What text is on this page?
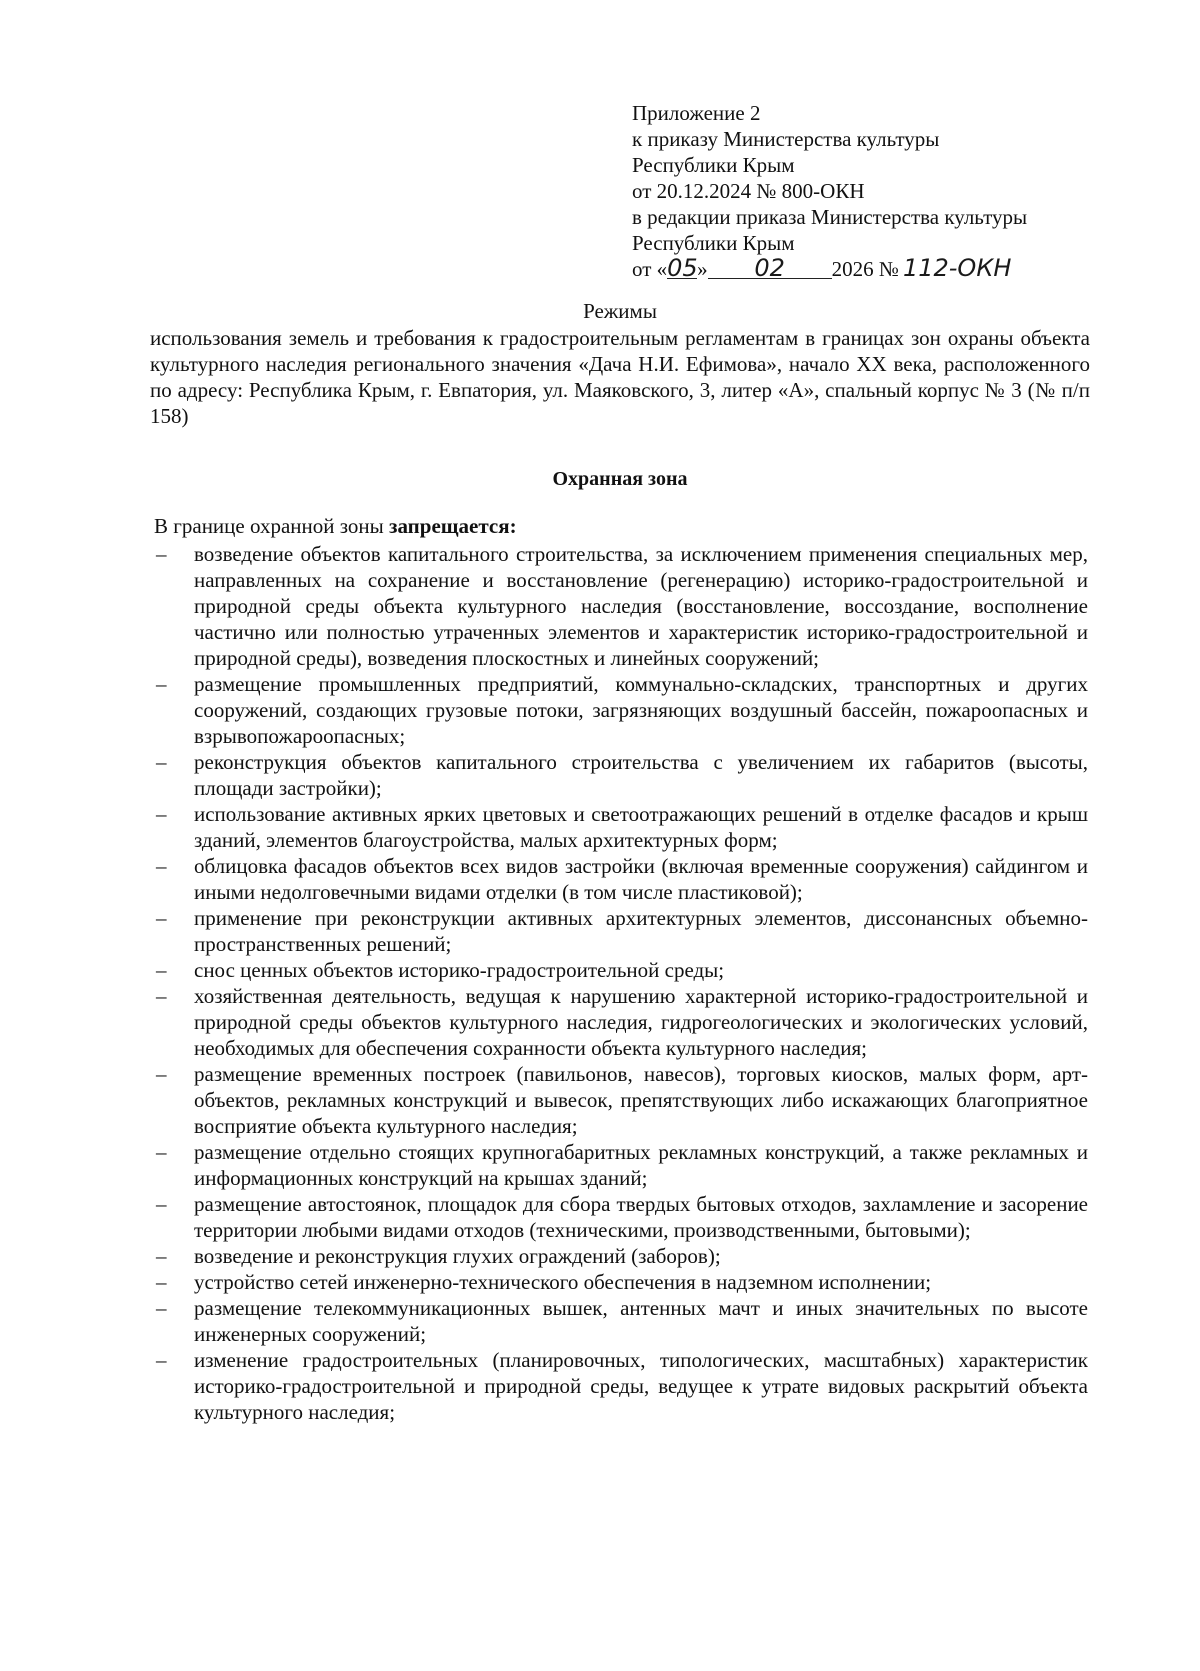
Приложение 2
к приказу Министерства культуры
Республики Крым
от 20.12.2024 № 800-ОКН
в редакции приказа Министерства культуры
Республики Крым
от «05» 02 2026 № 112-ОКН
Режимы
использования земель и требования к градостроительным регламентам в границах зон охраны объекта культурного наследия регионального значения «Дача Н.И. Ефимова», начало XX века, расположенного по адресу: Республика Крым, г. Евпатория, ул. Маяковского, 3, литер «А», спальный корпус № 3 (№ п/п 158)
Охранная зона
В границе охранной зоны запрещается:
– возведение объектов капитального строительства, за исключением применения специальных мер, направленных на сохранение и восстановление (регенерацию) историко-градостроительной и природной среды объекта культурного наследия (восстановление, воссоздание, восполнение частично или полностью утраченных элементов и характеристик историко-градостроительной и природной среды), возведения плоскостных и линейных сооружений;
– размещение промышленных предприятий, коммунально-складских, транспортных и других сооружений, создающих грузовые потоки, загрязняющих воздушный бассейн, пожароопасных и взрывопожароопасных;
– реконструкция объектов капитального строительства с увеличением их габаритов (высоты, площади застройки);
– использование активных ярких цветовых и светоотражающих решений в отделке фасадов и крыш зданий, элементов благоустройства, малых архитектурных форм;
– облицовка фасадов объектов всех видов застройки (включая временные сооружения) сайдингом и иными недолговечными видами отделки (в том числе пластиковой);
– применение при реконструкции активных архитектурных элементов, диссонансных объемно-пространственных решений;
– снос ценных объектов историко-градостроительной среды;
– хозяйственная деятельность, ведущая к нарушению характерной историко-градостроительной и природной среды объектов культурного наследия, гидрогеологических и экологических условий, необходимых для обеспечения сохранности объекта культурного наследия;
– размещение временных построек (павильонов, навесов), торговых киосков, малых форм, арт-объектов, рекламных конструкций и вывесок, препятствующих либо искажающих благоприятное восприятие объекта культурного наследия;
– размещение отдельно стоящих крупногабаритных рекламных конструкций, а также рекламных и информационных конструкций на крышах зданий;
– размещение автостоянок, площадок для сбора твердых бытовых отходов, захламление и засорение территории любыми видами отходов (техническими, производственными, бытовыми);
– возведение и реконструкция глухих ограждений (заборов);
– устройство сетей инженерно-технического обеспечения в надземном исполнении;
– размещение телекоммуникационных вышек, антенных мачт и иных значительных по высоте инженерных сооружений;
– изменение градостроительных (планировочных, типологических, масштабных) характеристик историко-градостроительной и природной среды, ведущее к утрате видовых раскрытий объекта культурного наследия;
